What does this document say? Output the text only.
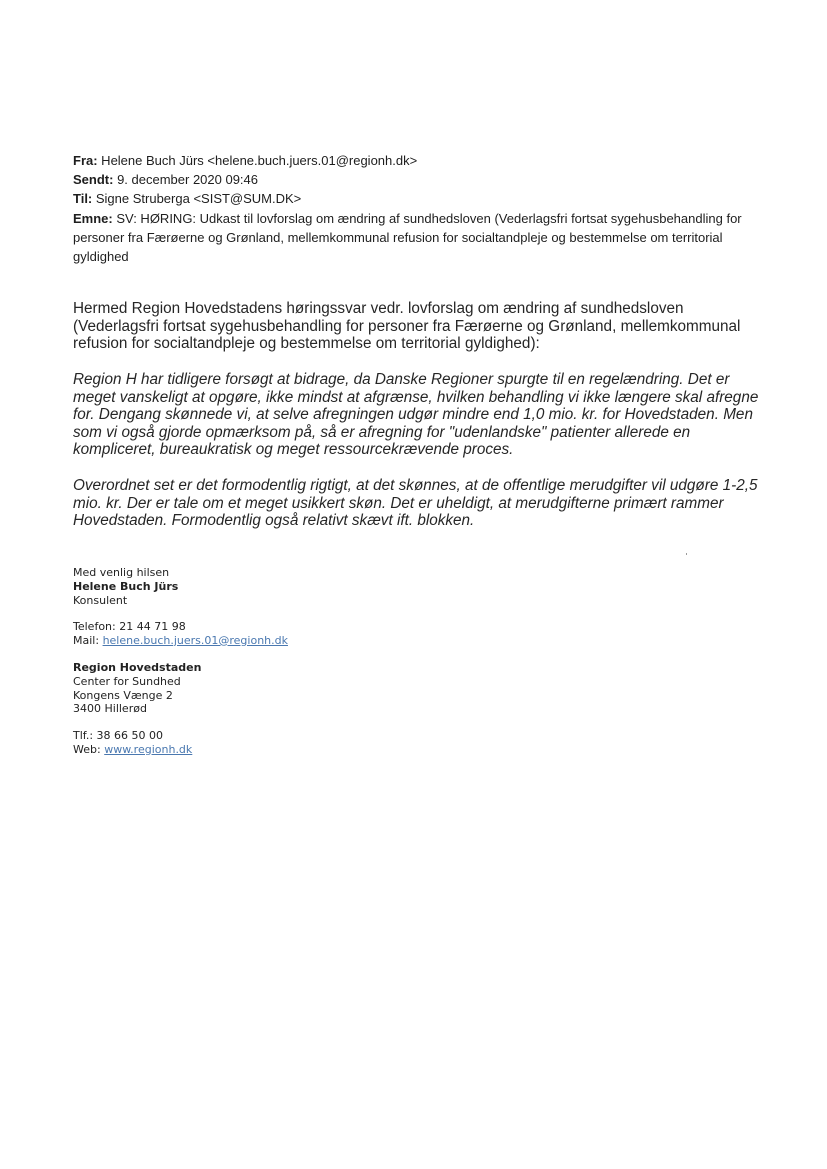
Fra: Helene Buch Jürs <helene.buch.juers.01@regionh.dk>
Sendt: 9. december 2020 09:46
Til: Signe Struberga <SIST@SUM.DK>
Emne: SV: HØRING: Udkast til lovforslag om ændring af sundhedsloven (Vederlagsfri fortsat sygehusbehandling for personer fra Færøerne og Grønland, mellemkommunal refusion for socialtandpleje og bestemmelse om territorial gyldighed

Hermed Region Hovedstadens høringssvar vedr. lovforslag om ændring af sundhedsloven (Vederlagsfri fortsat sygehusbehandling for personer fra Færøerne og Grønland, mellemkommunal refusion for socialtandpleje og bestemmelse om territorial gyldighed):

Region H har tidligere forsøgt at bidrage, da Danske Regioner spurgte til en regelændring. Det er meget vanskeligt at opgøre, ikke mindst at afgrænse, hvilken behandling vi ikke længere skal afregne for. Dengang skønnede vi, at selve afregningen udgør mindre end 1,0 mio. kr. for Hovedstaden. Men som vi også gjorde opmærksom på, så er afregning for "udenlandske" patienter allerede en kompliceret, bureaukratisk og meget ressourcekrævende proces.

Overordnet set er det formodentlig rigtigt, at det skønnes, at de offentlige merudgifter vil udgøre 1-2,5 mio. kr. Der er tale om et meget usikkert skøn. Det er uheldigt, at merudgifterne primært rammer Hovedstaden. Formodentlig også relativt skævt ift. blokken.

Med venlig hilsen
Helene Buch Jürs
Konsulent
Telefon: 21 44 71 98
Mail: helene.buch.juers.01@regionh.dk
Region Hovedstaden
Center for Sundhed
Kongens Vænge 2
3400 Hillerød
Tlf.: 38 66 50 00
Web: www.regionh.dk
